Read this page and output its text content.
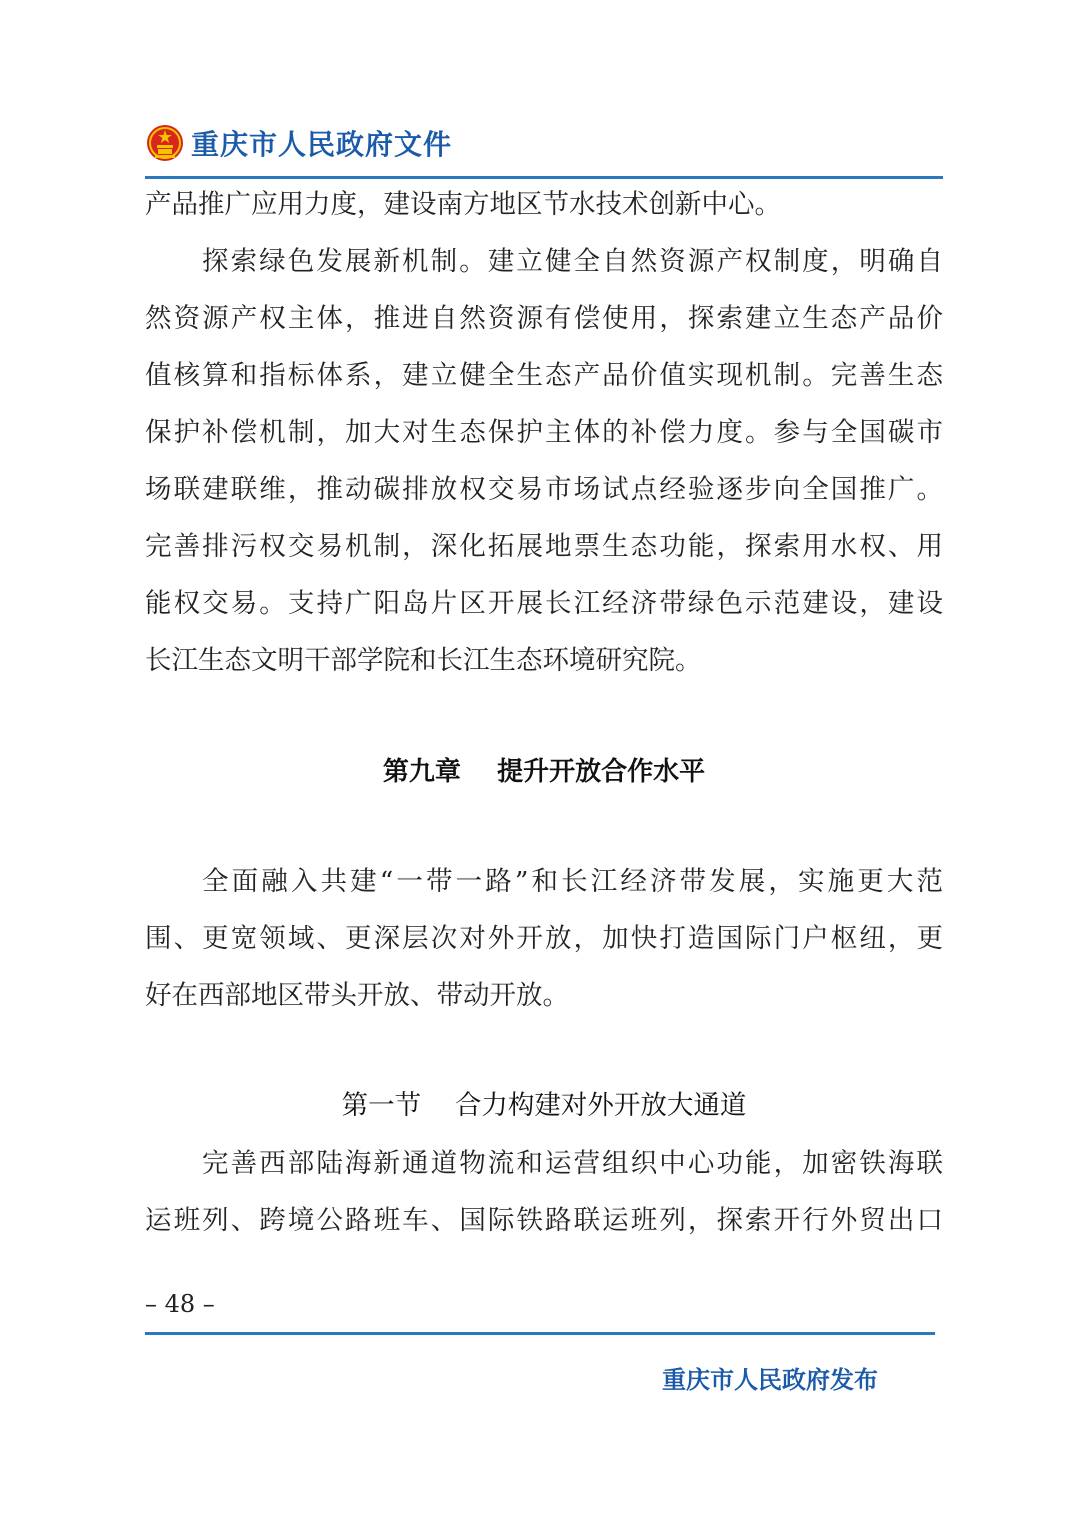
重庆市人民政府文件
产品推广应用力度，建设南方地区节水技术创新中心。
探索绿色发展新机制。建立健全自然资源产权制度，明确自
然资源产权主体，推进自然资源有偿使用，探索建立生态产品价
值核算和指标体系，建立健全生态产品价值实现机制。完善生态
保护补偿机制，加大对生态保护主体的补偿力度。参与全国碳市
场联建联维，推动碳排放权交易市场试点经验逐步向全国推广。
完善排污权交易机制，深化拓展地票生态功能，探索用水权、用
能权交易。支持广阳岛片区开展长江经济带绿色示范建设，建设
长江生态文明干部学院和长江生态环境研究院。
第九章    提升开放合作水平
全面融入共建“一带一路”和长江经济带发展，实施更大范
围、更宽领域、更深层次对外开放，加快打造国际门户枢纽，更
好在西部地区带头开放、带动开放。
第一节    合力构建对外开放大通道
完善西部陆海新通道物流和运营组织中心功能，加密铁海联
运班列、跨境公路班车、国际铁路联运班列，探索开行外贸出口
– 48 –
重庆市人民政府发布
